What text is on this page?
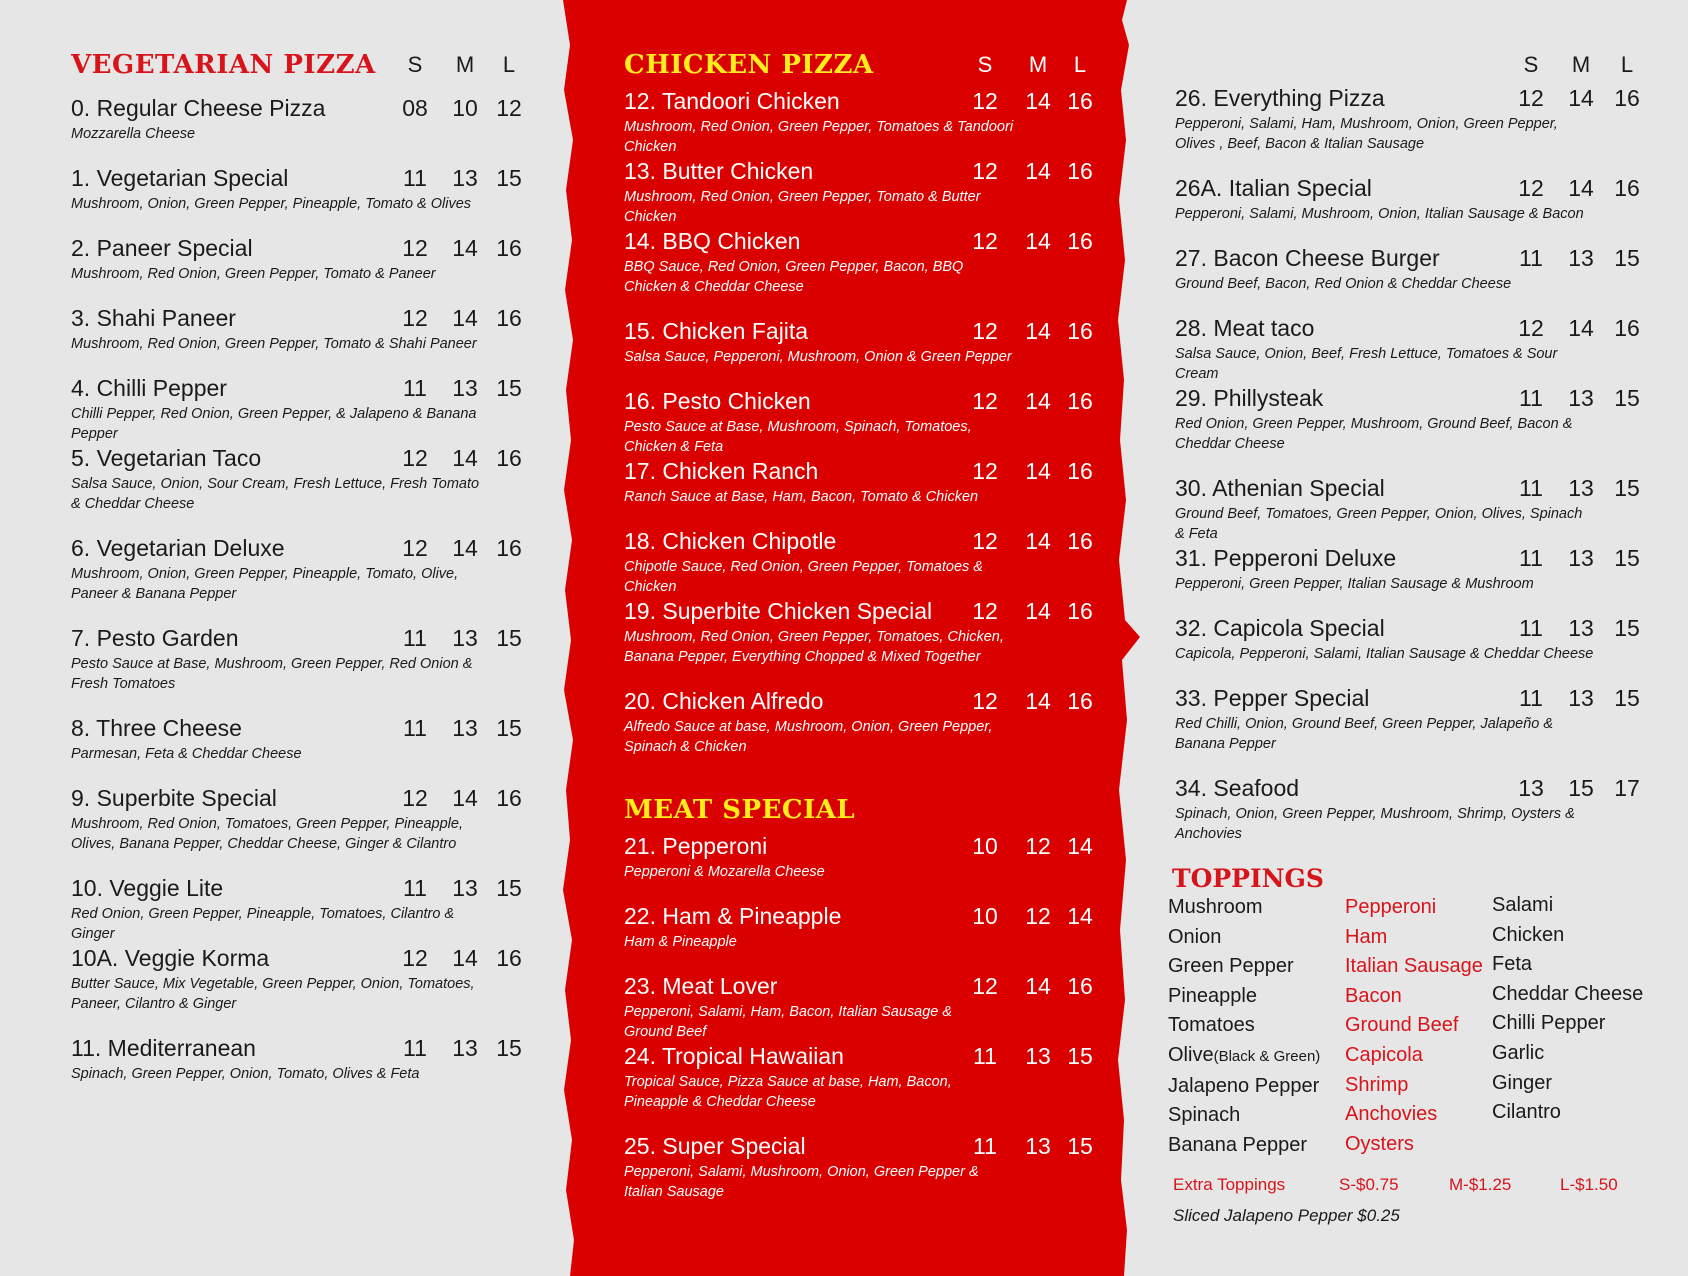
VEGETARIAN PIZZA	S	M	L
0. Regular Cheese Pizza	08	10 12
Mozzarella Cheese
1. Vegetarian Special	11	13 15
Mushroom, Onion, Green Pepper, Pineapple, Tomato & Olives
2. Paneer Special	12	14 16
Mushroom, Red Onion, Green Pepper, Tomato & Paneer
3. Shahi Paneer	12	14 16
Mushroom, Red Onion, Green Pepper, Tomato & Shahi Paneer
4. Chilli Pepper	11	13 15
Chilli Pepper, Red Onion, Green Pepper, & Jalapeno & Banana Pepper
5. Vegetarian Taco	12	14 16
Salsa Sauce, Onion, Sour Cream, Fresh Lettuce, Fresh Tomato & Cheddar Cheese
6. Vegetarian Deluxe	12	14 16
Mushroom, Onion, Green Pepper, Pineapple, Tomato, Olive, Paneer & Banana Pepper
7. Pesto Garden	11	13 15
Pesto Sauce at Base, Mushroom, Green Pepper, Red Onion & Fresh Tomatoes
8. Three Cheese	11	13 15
Parmesan, Feta & Cheddar Cheese
9. Superbite Special	12	14 16
Mushroom, Red Onion, Tomatoes, Green Pepper, Pineapple, Olives, Banana Pepper, Cheddar Cheese, Ginger & Cilantro
10. Veggie Lite	11	13 15
Red Onion, Green Pepper, Pineapple, Tomatoes, Cilantro & Ginger
10A. Veggie Korma	12	14 16
Butter Sauce, Mix Vegetable, Green Pepper, Onion, Tomatoes, Paneer, Cilantro & Ginger
11. Mediterranean	11	13 15
Spinach, Green Pepper, Onion, Tomato, Olives & Feta
CHICKEN PIZZA	S	M	L
12. Tandoori Chicken	12	14 16
Mushroom, Red Onion, Green Pepper, Tomatoes & Tandoori Chicken
13. Butter Chicken	12	14 16
Mushroom, Red Onion, Green Pepper, Tomato & Butter Chicken
14. BBQ Chicken	12	14 16
BBQ Sauce, Red Onion, Green Pepper, Bacon, BBQ Chicken & Cheddar Cheese
15. Chicken Fajita	12	14 16
Salsa Sauce, Pepperoni, Mushroom, Onion & Green Pepper
16. Pesto Chicken	12	14 16
Pesto Sauce at Base, Mushroom, Spinach, Tomatoes, Chicken & Feta
17. Chicken Ranch	12	14 16
Ranch Sauce at Base, Ham, Bacon, Tomato & Chicken
18. Chicken Chipotle	12	14 16
Chipotle Sauce, Red Onion, Green Pepper, Tomatoes & Chicken
19. Superbite Chicken Special	12	14 16
Mushroom, Red Onion, Green Pepper, Tomatoes, Chicken, Banana Pepper, Everything Chopped & Mixed Together
20. Chicken Alfredo	12	14 16
Alfredo Sauce at base, Mushroom, Onion, Green Pepper, Spinach & Chicken
MEAT SPECIAL
21. Pepperoni	10	12 14
Pepperoni & Mozarella Cheese
22. Ham & Pineapple	10	12 14
Ham & Pineapple
23. Meat Lover	12	14 16
Pepperoni, Salami, Ham, Bacon, Italian Sausage & Ground Beef
24. Tropical Hawaiian	11	13 15
Tropical Sauce, Pizza Sauce at base, Ham, Bacon, Pineapple & Cheddar Cheese
25. Super Special	11	13 15
Pepperoni, Salami, Mushroom, Onion, Green Pepper & Italian Sausage
S	M	L
26. Everything Pizza	12	14 16
Pepperoni, Salami, Ham, Mushroom, Onion, Green Pepper, Olives , Beef, Bacon & Italian Sausage
26A. Italian Special	12	14 16
Pepperoni, Salami, Mushroom, Onion, Italian Sausage & Bacon
27. Bacon Cheese Burger	11	13 15
Ground Beef, Bacon, Red Onion & Cheddar Cheese
28. Meat taco	12	14 16
Salsa Sauce, Onion, Beef, Fresh Lettuce, Tomatoes & Sour Cream
29. Phillysteak	11	13 15
Red Onion, Green Pepper, Mushroom, Ground Beef, Bacon & Cheddar Cheese
30. Athenian Special	11	13 15
Ground Beef, Tomatoes, Green Pepper, Onion, Olives, Spinach & Feta
31. Pepperoni Deluxe	11	13 15
Pepperoni, Green Pepper, Italian Sausage & Mushroom
32. Capicola Special	11	13 15
Capicola, Pepperoni, Salami, Italian Sausage & Cheddar Cheese
33. Pepper Special	11	13 15
Red Chilli, Onion, Ground Beef, Green Pepper, Jalapeño & Banana Pepper
34. Seafood	13	15 17
Spinach, Onion, Green Pepper, Mushroom, Shrimp, Oysters & Anchovies
TOPPINGS
Mushroom
Onion
Green Pepper
Pineapple
Tomatoes
Olive(Black & Green)
Jalapeno Pepper
Spinach
Banana Pepper
Pepperoni
Ham
Italian Sausage
Bacon
Ground Beef
Capicola
Shrimp
Anchovies
Oysters
Salami
Chicken
Feta
Cheddar Cheese
Chilli Pepper
Garlic
Ginger
Cilantro
Extra Toppings	S-$0.75	M-$1.25	L-$1.50
Sliced Jalapeno Pepper $0.25
